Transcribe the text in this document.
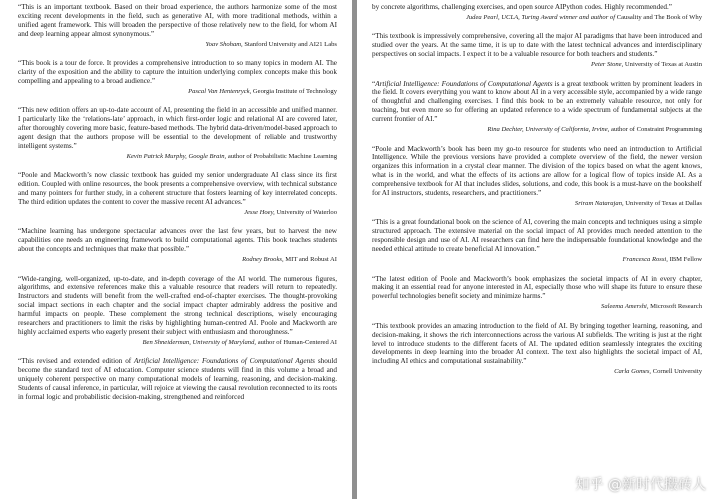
“This is an important textbook. Based on their broad experience, the authors harmonize some of the most exciting recent developments in the field, such as generative AI, with more traditional methods, within a unified agent framework. This will broaden the perspective of those relatively new to the field, for whom AI and deep learning appear almost synonymous.”

Yoav Shoham, Stanford University and AI21 Labs

“This book is a tour de force. It provides a comprehensive introduction to so many topics in modern AI. The clarity of the exposition and the ability to capture the intuition underlying complex concepts make this book compelling and appealing to a broad audience.”

Pascal Van Hentenryck, Georgia Institute of Technology

“This new edition offers an up-to-date account of AI, presenting the field in an accessible and unified manner. I particularly like the ‘relations-late’ approach, in which first-order logic and relational AI are covered later, after thoroughly covering more basic, feature-based methods. The hybrid data-driven/model-based approach to agent design that the authors propose will be essential to the development of reliable and trustworthy intelligent systems.”

Kevin Patrick Murphy, Google Brain, author of Probabilistic Machine Learning

“Poole and Mackworth’s now classic textbook has guided my senior undergraduate AI class since its first edition. Coupled with online resources, the book presents a comprehensive overview, with technical substance and many pointers for further study, in a coherent structure that fosters learning of key interrelated concepts. The third edition updates the content to cover the massive recent AI advances.”

Jesse Hoey, University of Waterloo

“Machine learning has undergone spectacular advances over the last few years, but to harvest the new capabilities one needs an engineering framework to build computational agents. This book teaches students about the concepts and techniques that make that possible.”

Rodney Brooks, MIT and Robust AI

“Wide-ranging, well-organized, up-to-date, and in-depth coverage of the AI world. The numerous figures, algorithms, and extensive references make this a valuable resource that readers will return to repeatedly. Instructors and students will benefit from the well-crafted end-of-chapter exercises. The thought-provoking social impact sections in each chapter and the social impact chapter admirably address the positive and harmful impacts on people. These complement the strong technical descriptions, wisely encouraging researchers and practitioners to limit the risks by highlighting human-centred AI. Poole and Mackworth are highly acclaimed experts who eagerly present their subject with enthusiasm and thoroughness.”

Ben Shneiderman, University of Maryland, author of Human-Centered AI

“This revised and extended edition of Artificial Intelligence: Foundations of Computational Agents should become the standard text of AI education. Computer science students will find in this volume a broad and uniquely coherent perspective on many computational models of learning, reasoning, and decision-making. Students of causal inference, in particular, will rejoice at viewing the causal revolution reconnected to its roots in formal logic and probabilistic decision-making, strengthened and reinforced

by concrete algorithms, challenging exercises, and open source AIPython codes. Highly recommended.”

Judea Pearl, UCLA, Turing Award winner and author of Causality and The Book of Why

“This textbook is impressively comprehensive, covering all the major AI paradigms that have been introduced and studied over the years. At the same time, it is up to date with the latest technical advances and interdisciplinary perspectives on social impacts. I expect it to be a valuable resource for both teachers and students.”

Peter Stone, University of Texas at Austin

“Artificial Intelligence: Foundations of Computational Agents is a great textbook written by prominent leaders in the field. It covers everything you want to know about AI in a very accessible style, accompanied by a wide range of thoughtful and challenging exercises. I find this book to be an extremely valuable resource, not only for teaching, but even more so for offering an updated reference to a wide spectrum of fundamental subjects at the current frontier of AI.”

Rina Dechter, University of California, Irvine, author of Constraint Programming

“Poole and Mackworth’s book has been my go-to resource for students who need an introduction to Artificial Intelligence. While the previous versions have provided a complete overview of the field, the newer version organizes this information in a crystal clear manner. The division of the topics based on what the agent knows, what is in the world, and what the effects of its actions are allow for a logical flow of topics inside AI. As a comprehensive textbook for AI that includes slides, solutions, and code, this book is a must-have on the bookshelf for AI instructors, students, researchers, and practitioners.”

Sriram Natarajan, University of Texas at Dallas

“This is a great foundational book on the science of AI, covering the main concepts and techniques using a simple structured approach. The extensive material on the social impact of AI provides much needed attention to the responsible design and use of AI. AI researchers can find here the indispensable foundational knowledge and the needed ethical attitude to create beneficial AI innovation.”

Francesca Rossi, IBM Fellow

“The latest edition of Poole and Mackworth’s book emphasizes the societal impacts of AI in every chapter, making it an essential read for anyone interested in AI, especially those who will shape its future to ensure these powerful technologies benefit society and minimize harms.”

Saleema Amershi, Microsoft Research

“This textbook provides an amazing introduction to the field of AI. By bringing together learning, reasoning, and decision-making, it shows the rich interconnections across the various AI subfields. The writing is just at the right level to introduce students to the different facets of AI. The updated edition seamlessly integrates the exciting developments in deep learning into the broader AI context. The text also highlights the societal impact of AI, including AI ethics and computational sustainability.”

Carla Gomes, Cornell University

知乎 @新时代搬砖人
